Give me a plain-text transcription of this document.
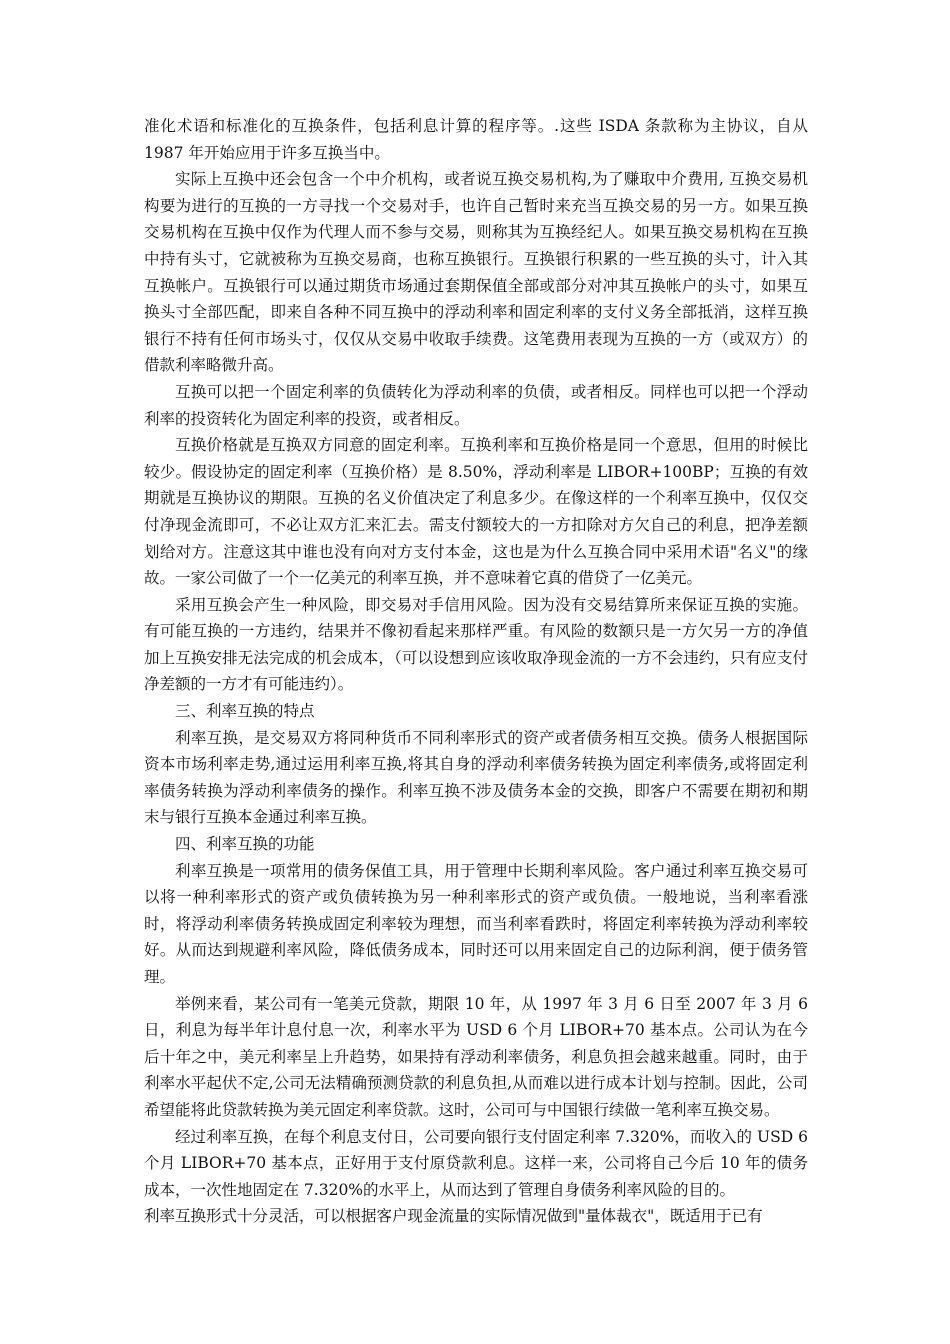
准化术语和标准化的互换条件，包括利息计算的程序等。.这些 ISDA 条款称为主协议，自从 1987 年开始应用于许多互换当中。

实际上互换中还会包含一个中介机构，或者说互换交易机构,为了赚取中介费用, 互换交易机构要为进行的互换的一方寻找一个交易对手，也许自己暂时来充当互换交易的另一方。如果互换交易机构在互换中仅作为代理人而不参与交易，则称其为互换经纪人。如果互换交易机构在互换中持有头寸，它就被称为互换交易商，也称互换银行。互换银行积累的一些互换的头寸，计入其互换帐户。互换银行可以通过期货市场通过套期保值全部或部分对冲其互换帐户的头寸，如果互换头寸全部匹配，即来自各种不同互换中的浮动利率和固定利率的支付义务全部抵消，这样互换银行不持有任何市场头寸，仅仅从交易中收取手续费。这笔费用表现为互换的一方（或双方）的借款利率略微升高。

互换可以把一个固定利率的负债转化为浮动利率的负债，或者相反。同样也可以把一个浮动利率的投资转化为固定利率的投资，或者相反。

互换价格就是互换双方同意的固定利率。互换利率和互换价格是同一个意思，但用的时候比较少。假设协定的固定利率（互换价格）是 8.50%，浮动利率是 LIBOR+100BP；互换的有效期就是互换协议的期限。互换的名义价值决定了利息多少。在像这样的一个利率互换中，仅仅交付净现金流即可，不必让双方汇来汇去。需支付额较大的一方扣除对方欠自己的利息，把净差额划给对方。注意这其中谁也没有向对方支付本金，这也是为什么互换合同中采用术语"名义"的缘故。一家公司做了一个一亿美元的利率互换，并不意味着它真的借贷了一亿美元。

采用互换会产生一种风险，即交易对手信用风险。因为没有交易结算所来保证互换的实施。有可能互换的一方违约，结果并不像初看起来那样严重。有风险的数额只是一方欠另一方的净值加上互换安排无法完成的机会成本，（可以设想到应该收取净现金流的一方不会违约，只有应支付净差额的一方才有可能违约）。

三、利率互换的特点

利率互换，是交易双方将同种货币不同利率形式的资产或者债务相互交换。债务人根据国际资本市场利率走势,通过运用利率互换,将其自身的浮动利率债务转换为固定利率债务,或将固定利率债务转换为浮动利率债务的操作。利率互换不涉及债务本金的交换，即客户不需要在期初和期末与银行互换本金通过利率互换。

四、利率互换的功能

利率互换是一项常用的债务保值工具，用于管理中长期利率风险。客户通过利率互换交易可以将一种利率形式的资产或负债转换为另一种利率形式的资产或负债。一般地说，当利率看涨时，将浮动利率债务转换成固定利率较为理想，而当利率看跌时，将固定利率转换为浮动利率较好。从而达到规避利率风险，降低债务成本，同时还可以用来固定自己的边际利润，便于债务管理。

举例来看，某公司有一笔美元贷款，期限 10 年，从 1997 年 3 月 6 日至 2007 年 3 月 6 日，利息为每半年计息付息一次，利率水平为 USD 6 个月 LIBOR+70 基本点。公司认为在今后十年之中，美元利率呈上升趋势，如果持有浮动利率债务，利息负担会越来越重。同时，由于利率水平起伏不定,公司无法精确预测贷款的利息负担,从而难以进行成本计划与控制。因此，公司希望能将此贷款转换为美元固定利率贷款。这时，公司可与中国银行续做一笔利率互换交易。

经过利率互换，在每个利息支付日，公司要向银行支付固定利率 7.320%，而收入的 USD 6 个月 LIBOR+70 基本点，正好用于支付原贷款利息。这样一来，公司将自己今后 10 年的债务成本，一次性地固定在 7.320%的水平上，从而达到了管理自身债务利率风险的目的。

利率互换形式十分灵活，可以根据客户现金流量的实际情况做到"量体裁衣"，既适用于已有
